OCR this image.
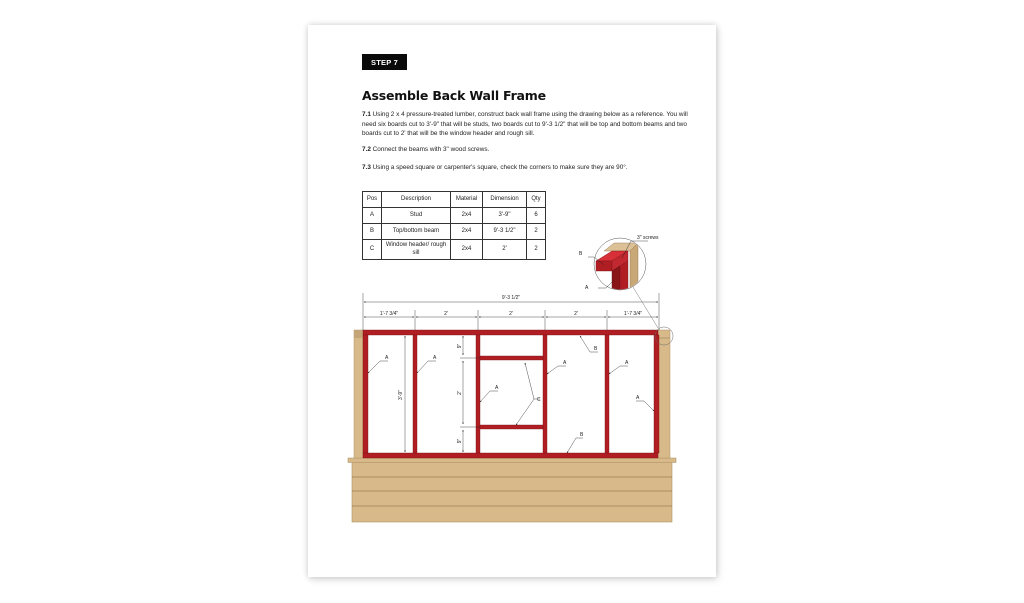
STEP 7
Assemble Back Wall Frame
7.1 Using 2 x 4 pressure-treated lumber, construct back wall frame using the drawing below as a reference. You will need six boards cut to 3'-9" that will be studs, two boards cut to 9'-3 1/2" that will be top and bottom beams and two boards cut to 2' that will be the window header and rough sill.
7.2 Connect the beams with 3" wood screws.
7.3 Using a speed square or carpenter's square, check the corners to make sure they are 90°.
Pos	Description	Material	Dimension	Qty
A	Stud	2x4	3'-9"	6
B	Top/bottom beam	2x4	9'-3 1/2"	2
C	Window header/ rough sill	2x4	2'	2
9'-3 1/2"
1'-7 3/4"	2'	2'	2'	1'-7 3/4"
3'-9"
9"
2'
9"
A	A
A
A	A
A
C
B
B
3" screws
B
A
